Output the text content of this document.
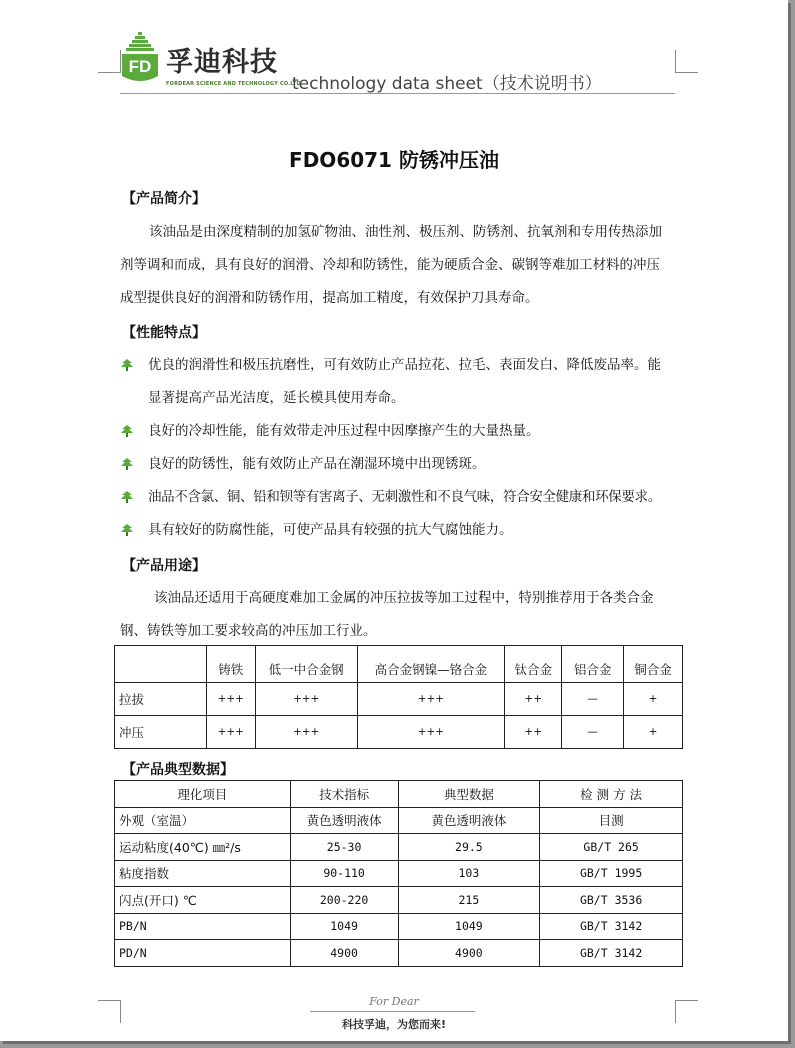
FD 孚迪科技
FORDEAR SCIENCE AND TECHNOLOGY CO.LTD
technology data sheet（技术说明书）
FDO6071 防锈冲压油
【产品简介】
该油品是由深度精制的加氢矿物油、油性剂、极压剂、防锈剂、抗氧剂和专用传热添加
剂等调和而成，具有良好的润滑、冷却和防锈性，能为硬质合金、碳钢等难加工材料的冲压
成型提供良好的润滑和防锈作用，提高加工精度，有效保护刀具寿命。
【性能特点】
优良的润滑性和极压抗磨性，可有效防止产品拉花、拉毛、表面发白、降低废品率。能
显著提高产品光洁度，延长模具使用寿命。
良好的冷却性能，能有效带走冲压过程中因摩擦产生的大量热量。
良好的防锈性，能有效防止产品在潮湿环境中出现锈斑。
油品不含氯、铜、铅和钡等有害离子、无刺激性和不良气味，符合安全健康和环保要求。
具有较好的防腐性能，可使产品具有较强的抗大气腐蚀能力。
【产品用途】
该油品还适用于高硬度难加工金属的冲压拉拔等加工过程中，特别推荐用于各类合金
钢、铸铁等加工要求较高的冲压加工行业。
	铸铁	低一中合金钢	高合金钢镍—铬合金	钛合金	铝合金	铜合金
拉拔	+++	+++	+++	++	—	+
冲压	+++	+++	+++	++	—	+
【产品典型数据】
理化项目	技术指标	典型数据	检 测 方 法
外观（室温）	黄色透明液体	黄色透明液体	目测
运动粘度(40℃) ㎜²/s	25-30	29.5	GB/T 265
粘度指数	90-110	103	GB/T 1995
闪点(开口) ℃	200-220	215	GB/T 3536
PB/N	1049	1049	GB/T 3142
PD/N	4900	4900	GB/T 3142
For Dear
科技孚迪，为您而来!
